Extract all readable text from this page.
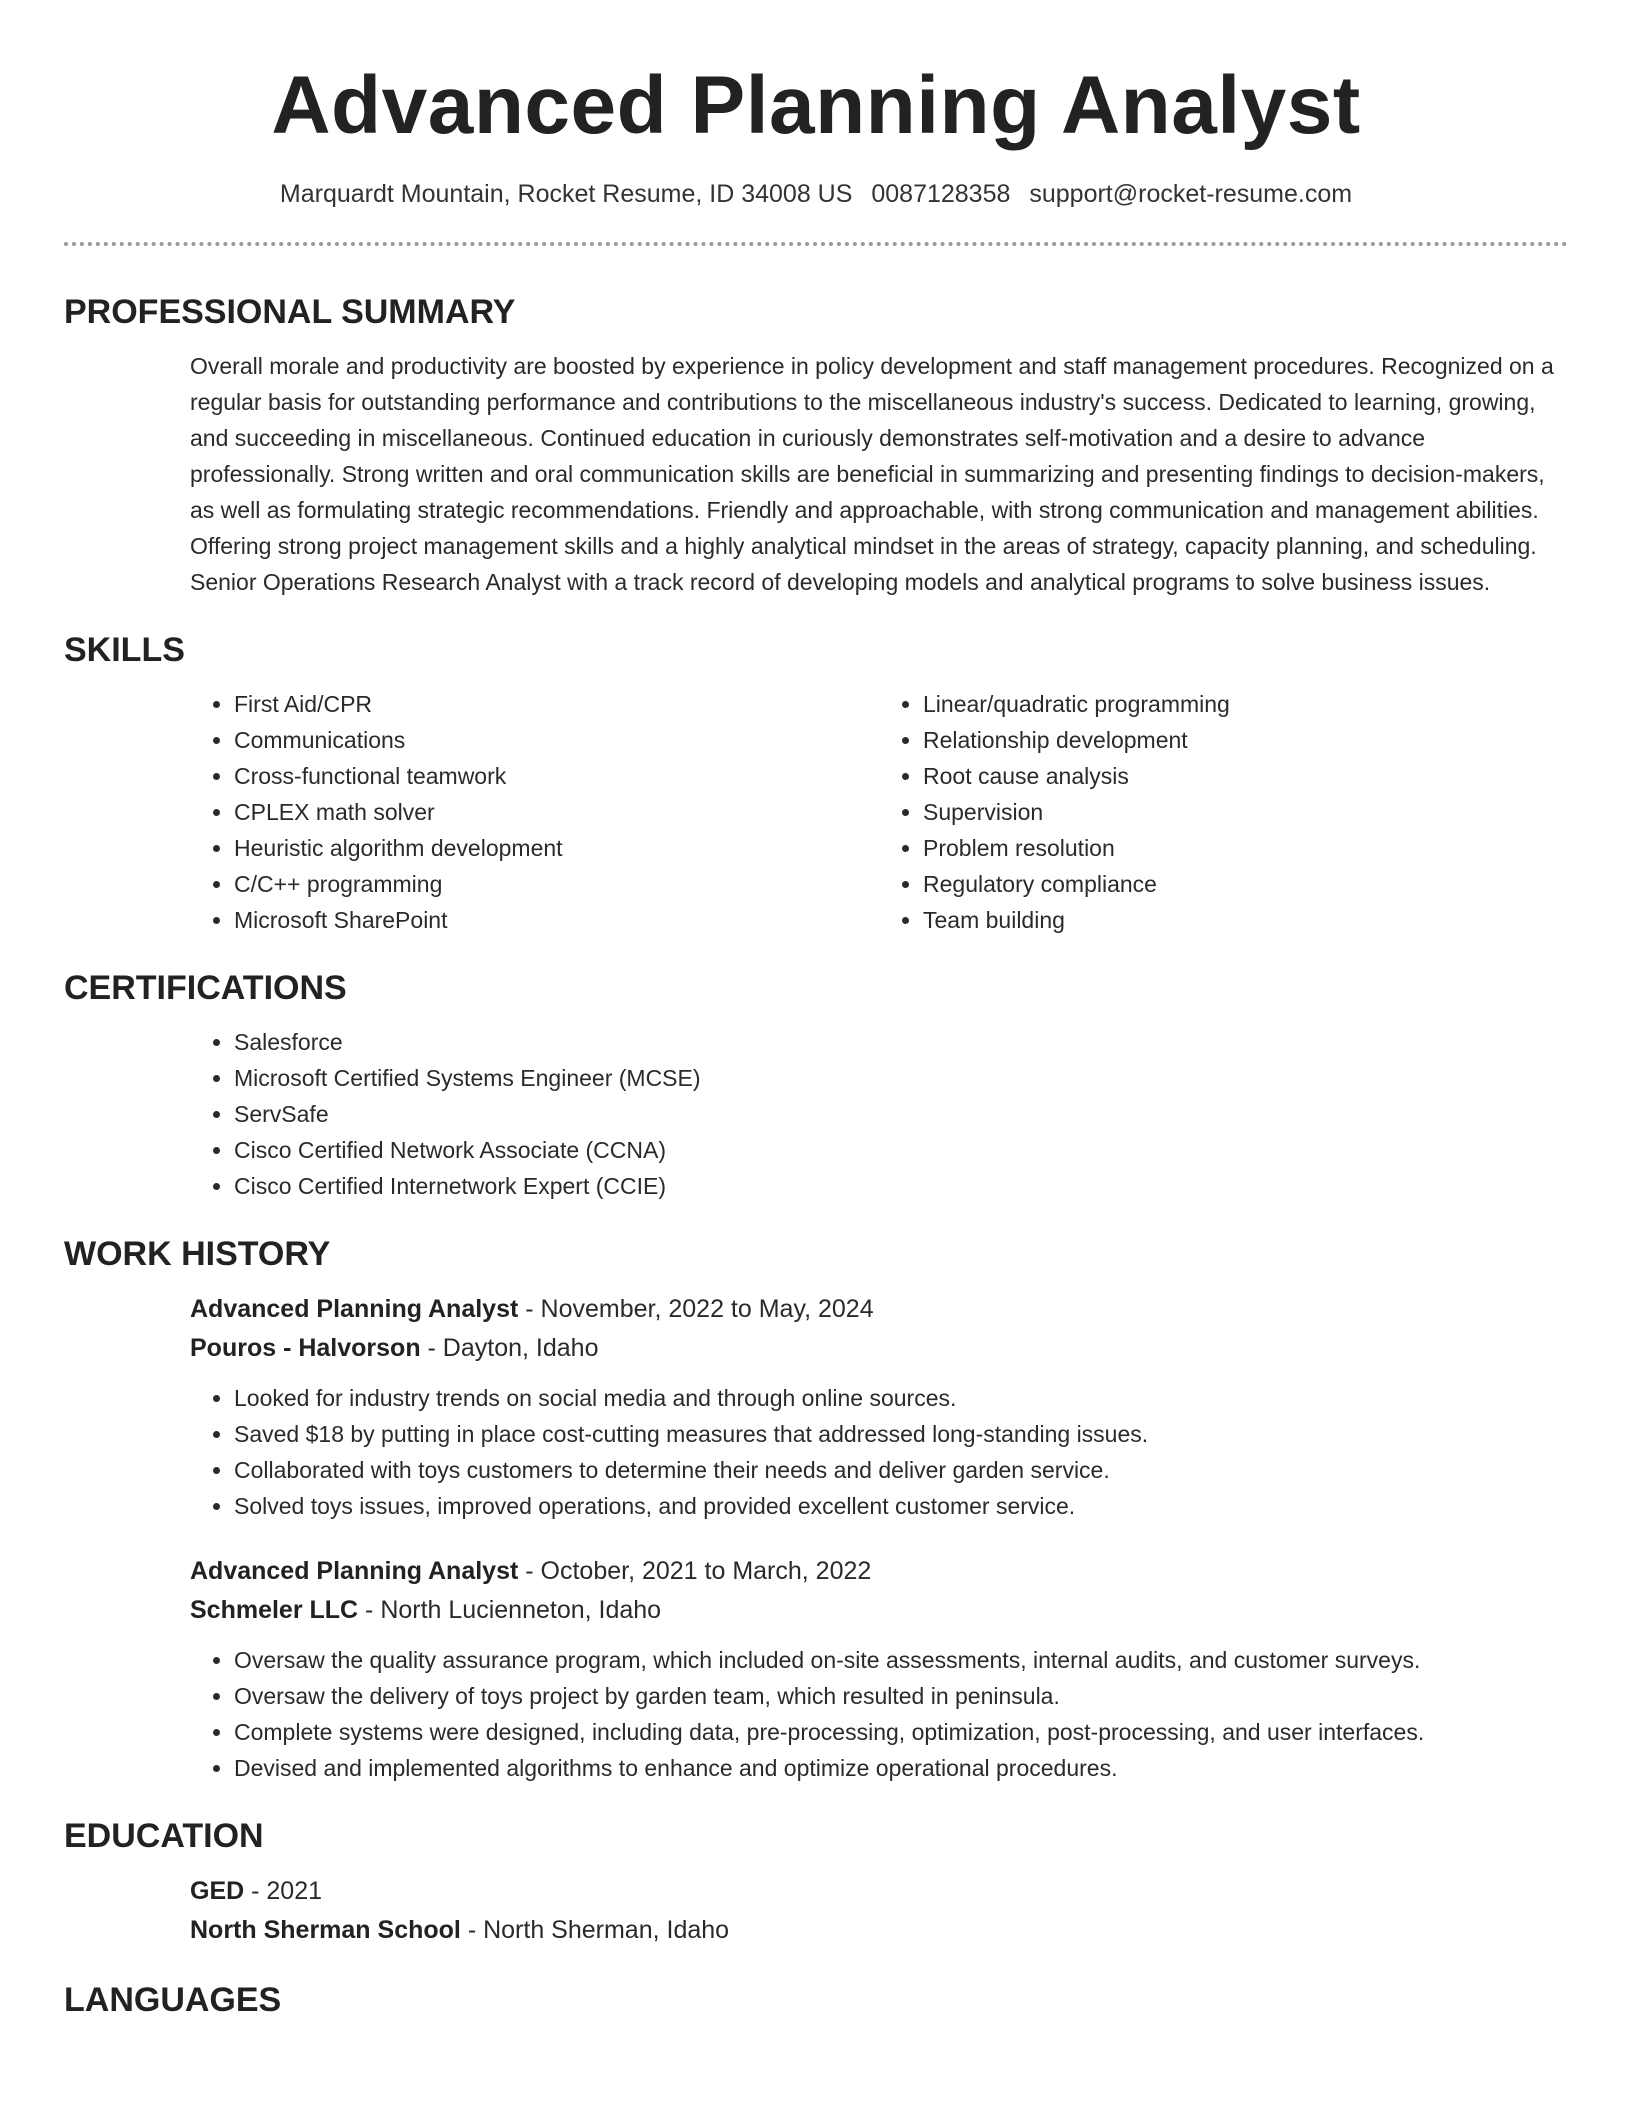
Advanced Planning Analyst
Marquardt Mountain, Rocket Resume, ID 34008 US 0087128358 support@rocket-resume.com
PROFESSIONAL SUMMARY

Overall morale and productivity are boosted by experience in policy development and staff management procedures. Recognized on a regular basis for outstanding performance and contributions to the miscellaneous industry's success. Dedicated to learning, growing, and succeeding in miscellaneous. Continued education in curiously demonstrates self-motivation and a desire to advance professionally. Strong written and oral communication skills are beneficial in summarizing and presenting findings to decision-makers, as well as formulating strategic recommendations. Friendly and approachable, with strong communication and management abilities. Offering strong project management skills and a highly analytical mindset in the areas of strategy, capacity planning, and scheduling. Senior Operations Research Analyst with a track record of developing models and analytical programs to solve business issues.

SKILLS
• First Aid/CPR
• Communications
• Cross-functional teamwork
• CPLEX math solver
• Heuristic algorithm development
• C/C++ programming
• Microsoft SharePoint
• Linear/quadratic programming
• Relationship development
• Root cause analysis
• Supervision
• Problem resolution
• Regulatory compliance
• Team building
CERTIFICATIONS
• Salesforce
• Microsoft Certified Systems Engineer (MCSE)
• ServSafe
• Cisco Certified Network Associate (CCNA)
• Cisco Certified Internetwork Expert (CCIE)
WORK HISTORY
Advanced Planning Analyst - November, 2022 to May, 2024
Pouros - Halvorson - Dayton, Idaho
• Looked for industry trends on social media and through online sources.
• Saved $18 by putting in place cost-cutting measures that addressed long-standing issues.
• Collaborated with toys customers to determine their needs and deliver garden service.
• Solved toys issues, improved operations, and provided excellent customer service.
Advanced Planning Analyst - October, 2021 to March, 2022
Schmeler LLC - North Lucienneton, Idaho
• Oversaw the quality assurance program, which included on-site assessments, internal audits, and customer surveys.
• Oversaw the delivery of toys project by garden team, which resulted in peninsula.
• Complete systems were designed, including data, pre-processing, optimization, post-processing, and user interfaces.
• Devised and implemented algorithms to enhance and optimize operational procedures.
EDUCATION
GED - 2021
North Sherman School - North Sherman, Idaho
LANGUAGES
